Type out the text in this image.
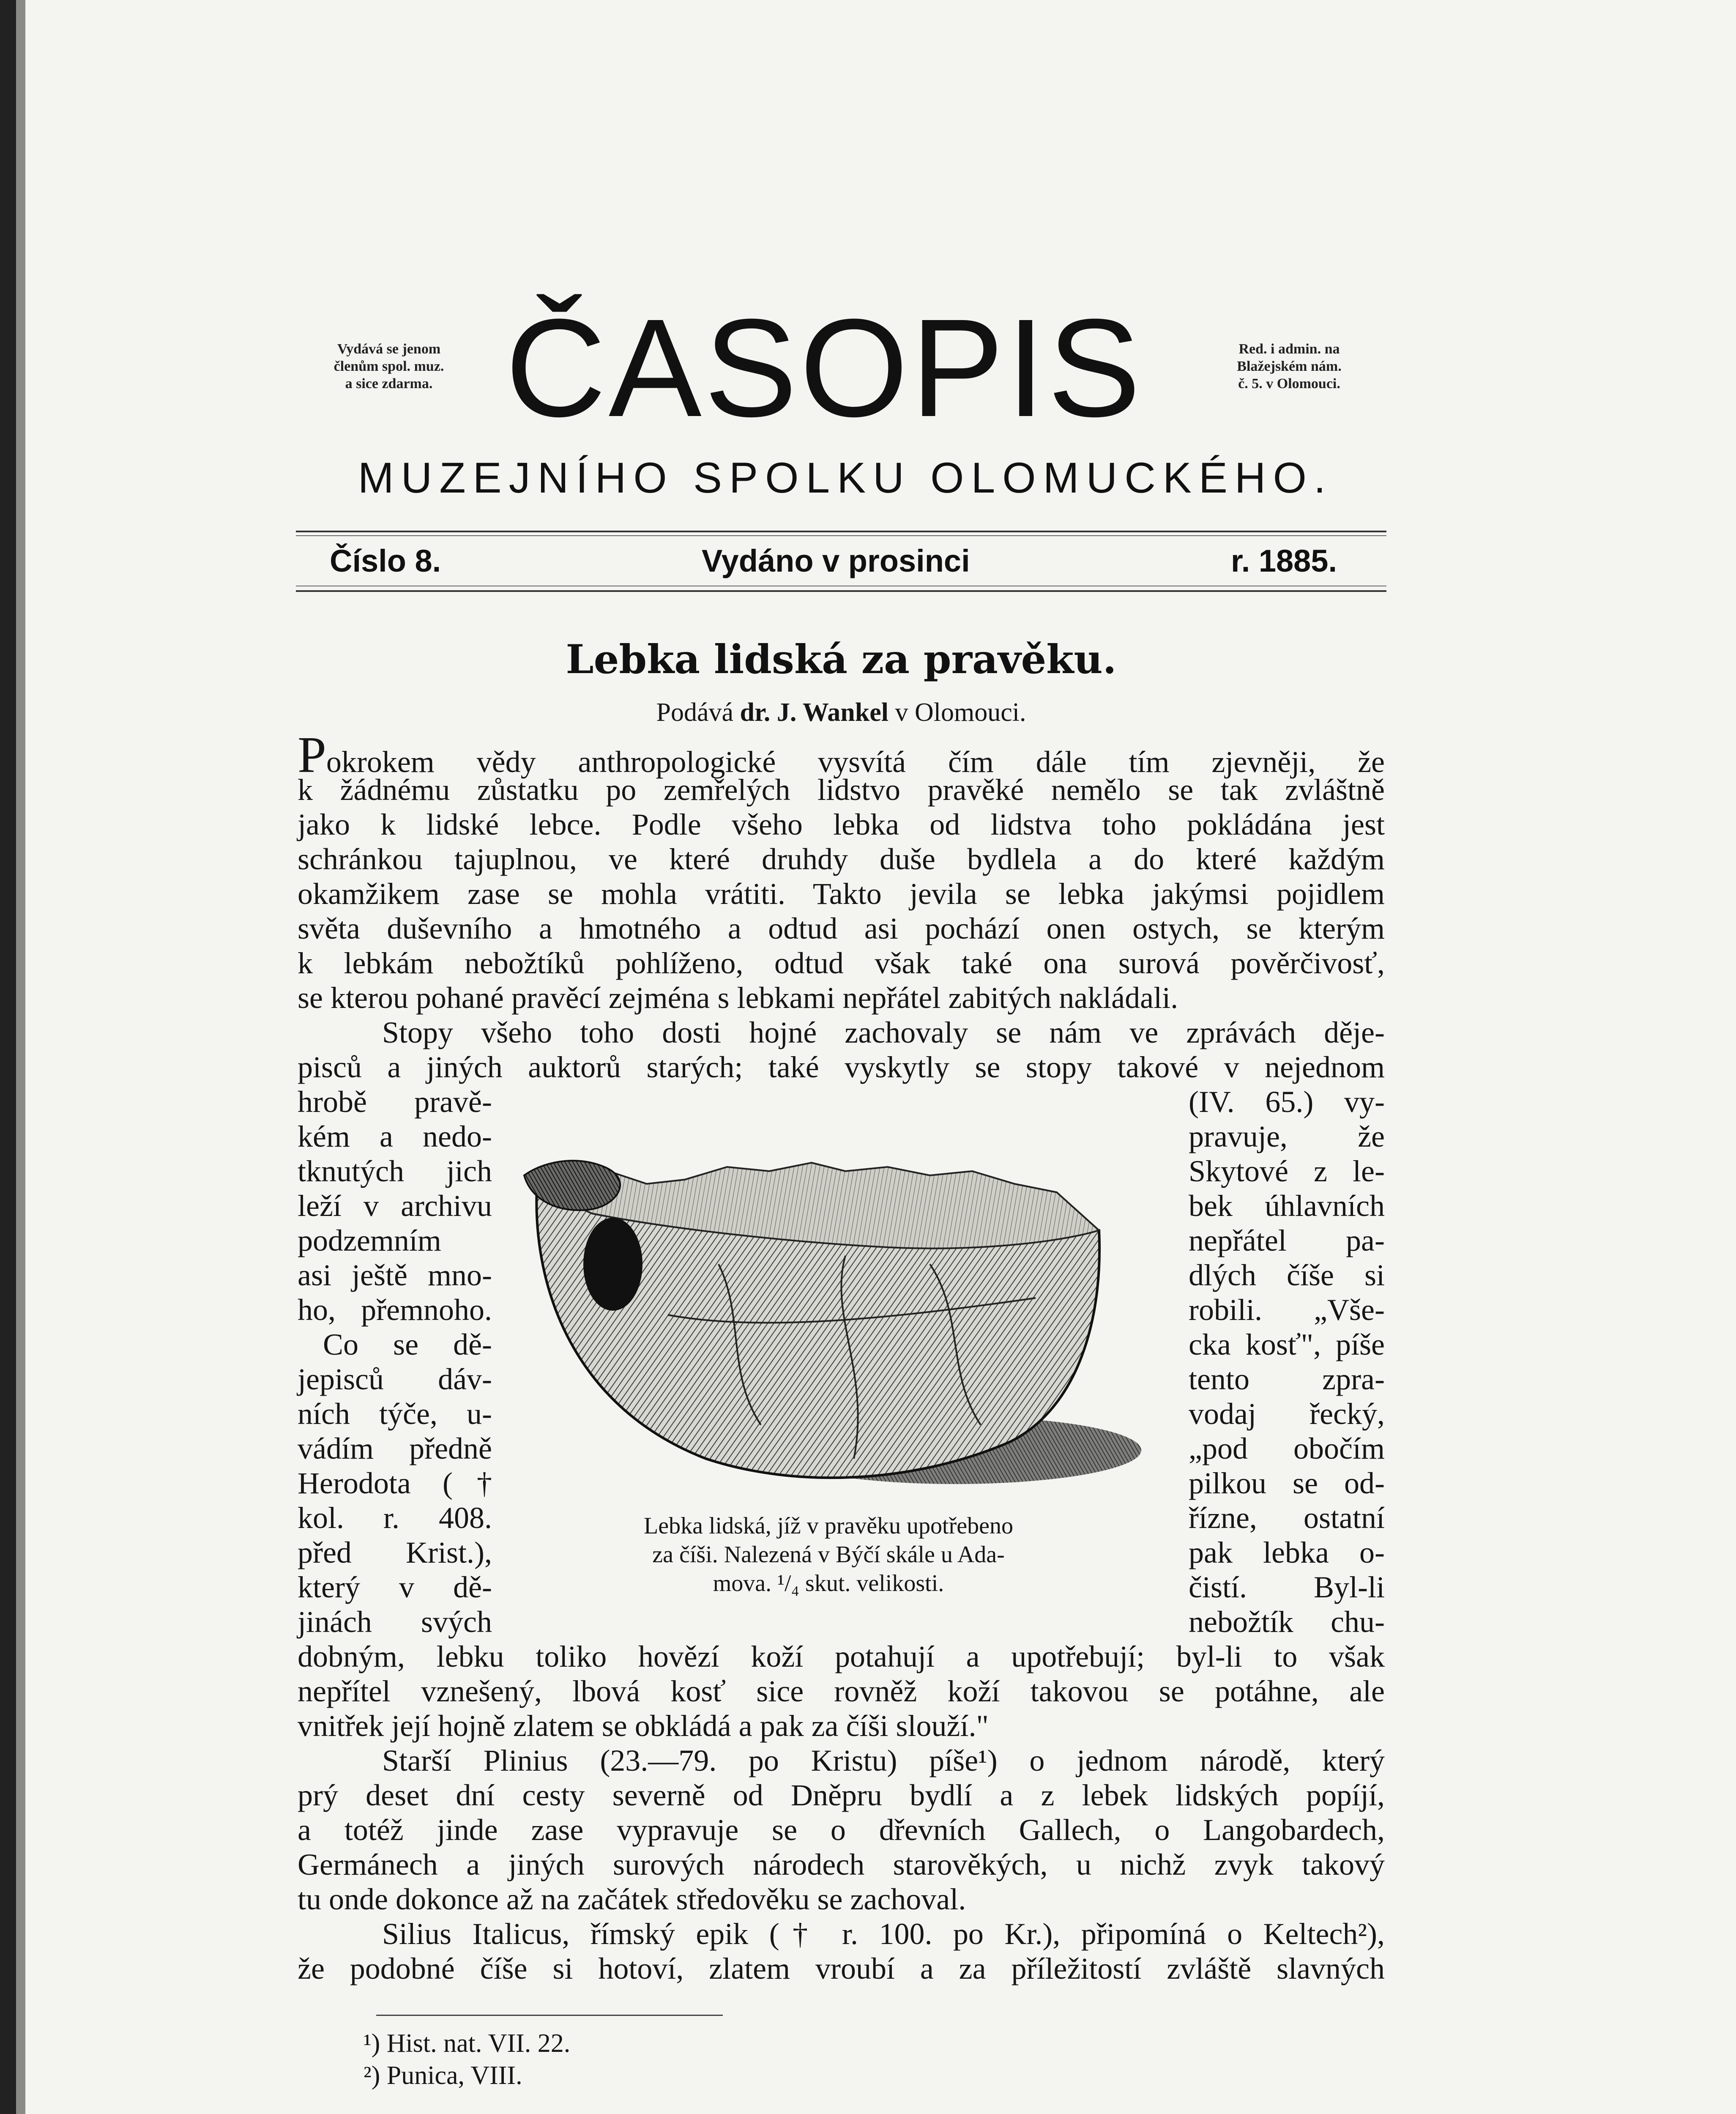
Vydává se jenom
členům spol. muz.
a sice zdarma. ČASOPIS	Red. i admin. na
Blažejském nám.
č. 5. v Olomouci.
MUZEJNÍHO SPOLKU OLOMUCKÉHO.
Číslo 8.	Vydáno v prosinci	r. 1885.
Lebka lidská za pravěku.
Podává dr. J. Wankel v Olomouci.
Pokrokem vědy anthropologické vysvítá čím dále tím zjevněji, že
k žádnému zůstatku po zemřelých lidstvo pravěké nemělo se tak zvláštně
jako k lidské lebce. Podle všeho lebka od lidstva toho pokládána jest
schránkou tajuplnou, ve které druhdy duše bydlela a do které každým
okamžikem zase se mohla vrátiti. Takto jevila se lebka jakýmsi pojidlem
světa duševního a hmotného a odtud asi pochází onen ostych, se kterým
k lebkám nebožtíků pohlíženo, odtud však také ona surová pověrčivosť,
se kterou pohané pravěcí zejména s lebkami nepřátel zabitých nakládali.
Stopy všeho toho dosti hojné zachovaly se nám ve zprávách děje-
pisců a jiných auktorů starých; také vyskytly se stopy takové v nejednom
hrobě pravě-
kém a nedo-
tknutých jich
leží v archivu
podzemním
asi ještě mno-
ho, přemnoho.
Co se dě-
jepisců dáv-
ních týče, u-
vádím předně
Herodota (†
kol. r. 408.
před Krist.),
který v dě-
jinách svých
(IV. 65.) vy-
pravuje, že
Skytové z le-
bek úhlavních
nepřátel pa-
dlých číše si
robili. „Vše-
cka kosť", píše
tento zpra-
vodaj řecký,
„pod obočím
pilkou se od-
řízne, ostatní
pak lebka o-
čistí. Byl-li
nebožtík chu-
Lebka lidská, jíž v pravěku upotřebeno
za číši. Nalezená v Býčí skále u Ada-
mova. ¹/₄ skut. velikosti.
dobným, lebku toliko hovězí koží potahují a upotřebují; byl-li to však
nepřítel vznešený, lbová kosť sice rovněž koží takovou se potáhne, ale
vnitřek její hojně zlatem se obkládá a pak za číši slouží."
Starší Plinius (23.—79. po Kristu) píše¹) o jednom národě, který
prý deset dní cesty severně od Dněpru bydlí a z lebek lidských popíjí,
a totéž jinde zase vypravuje se o dřevních Gallech, o Langobardech,
Germánech a jiných surových národech starověkých, u nichž zvyk takový
tu onde dokonce až na začátek středověku se zachoval.
Silius Italicus, římský epik († r. 100. po Kr.), připomíná o Keltech²),
že podobné číše si hotoví, zlatem vroubí a za příležitostí zvláště slavných
¹) Hist. nat. VII. 22.
²) Punica, VIII.
